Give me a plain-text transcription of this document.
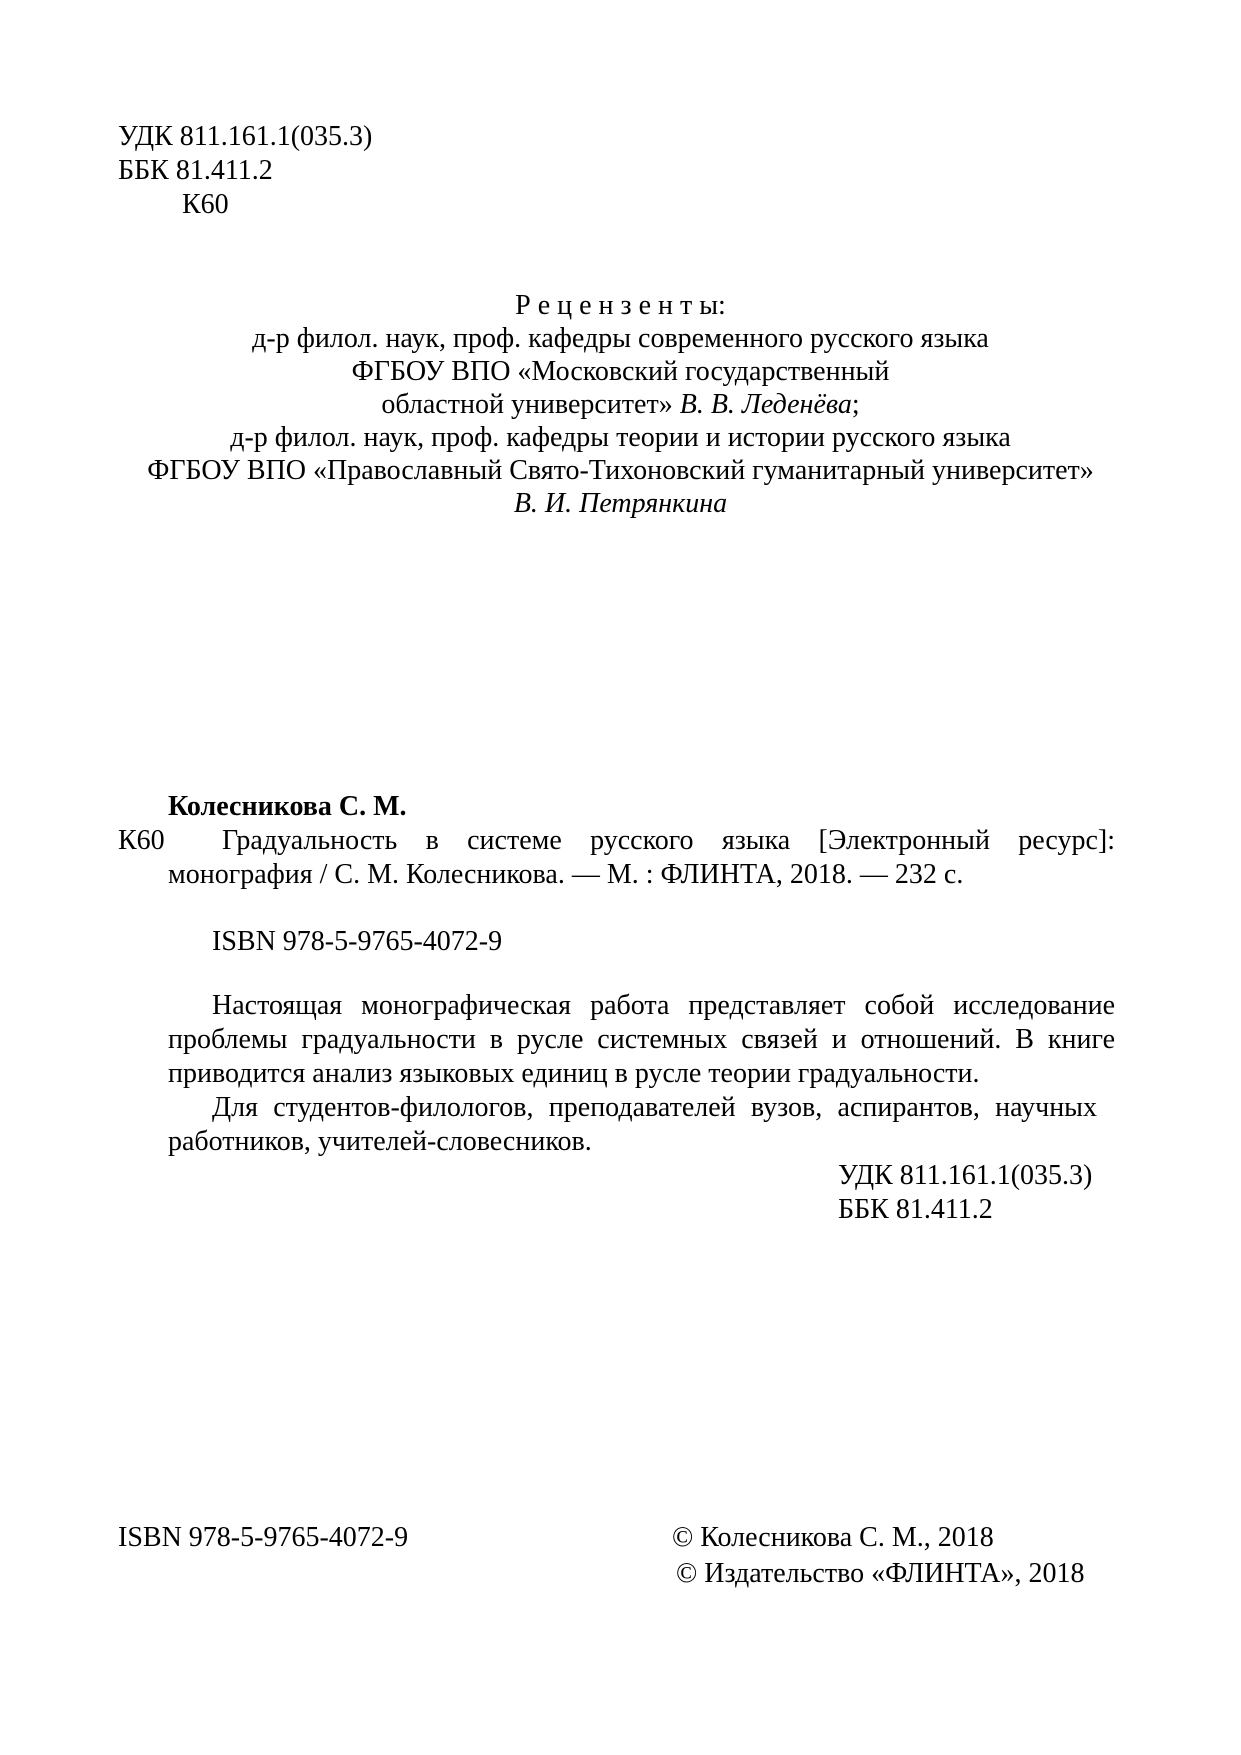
УДК 811.161.1(035.3)
ББК 81.411.2
К60
Р е ц е н з е н т ы:
д-р филол. наук, проф. кафедры современного русского языка
ФГБОУ ВПО «Московский государственный
областной университет» В. В. Леденёва;
д-р филол. наук, проф. кафедры теории и истории русского языка
ФГБОУ ВПО «Православный Свято-Тихоновский гуманитарный университет»
В. И. Петрянкина
Колесникова С. М.
К60 Градуальность в системе русского языка [Электронный ресурс]:
монография / С. М. Колесникова. — М. : ФЛИНТА, 2018. — 232 с.
ISBN 978-5-9765-4072-9
Настоящая монографическая работа представляет собой исследование
проблемы градуальности в русле системных связей и отношений. В книге
приводится анализ языковых единиц в русле теории градуальности.
Для студентов-филологов, преподавателей вузов, аспирантов, научных
работников, учителей-словесников.
УДК 811.161.1(035.3)
ББК 81.411.2
ISBN 978-5-9765-4072-9	© Колесникова С. М., 2018
© Издательство «ФЛИНТА», 2018
